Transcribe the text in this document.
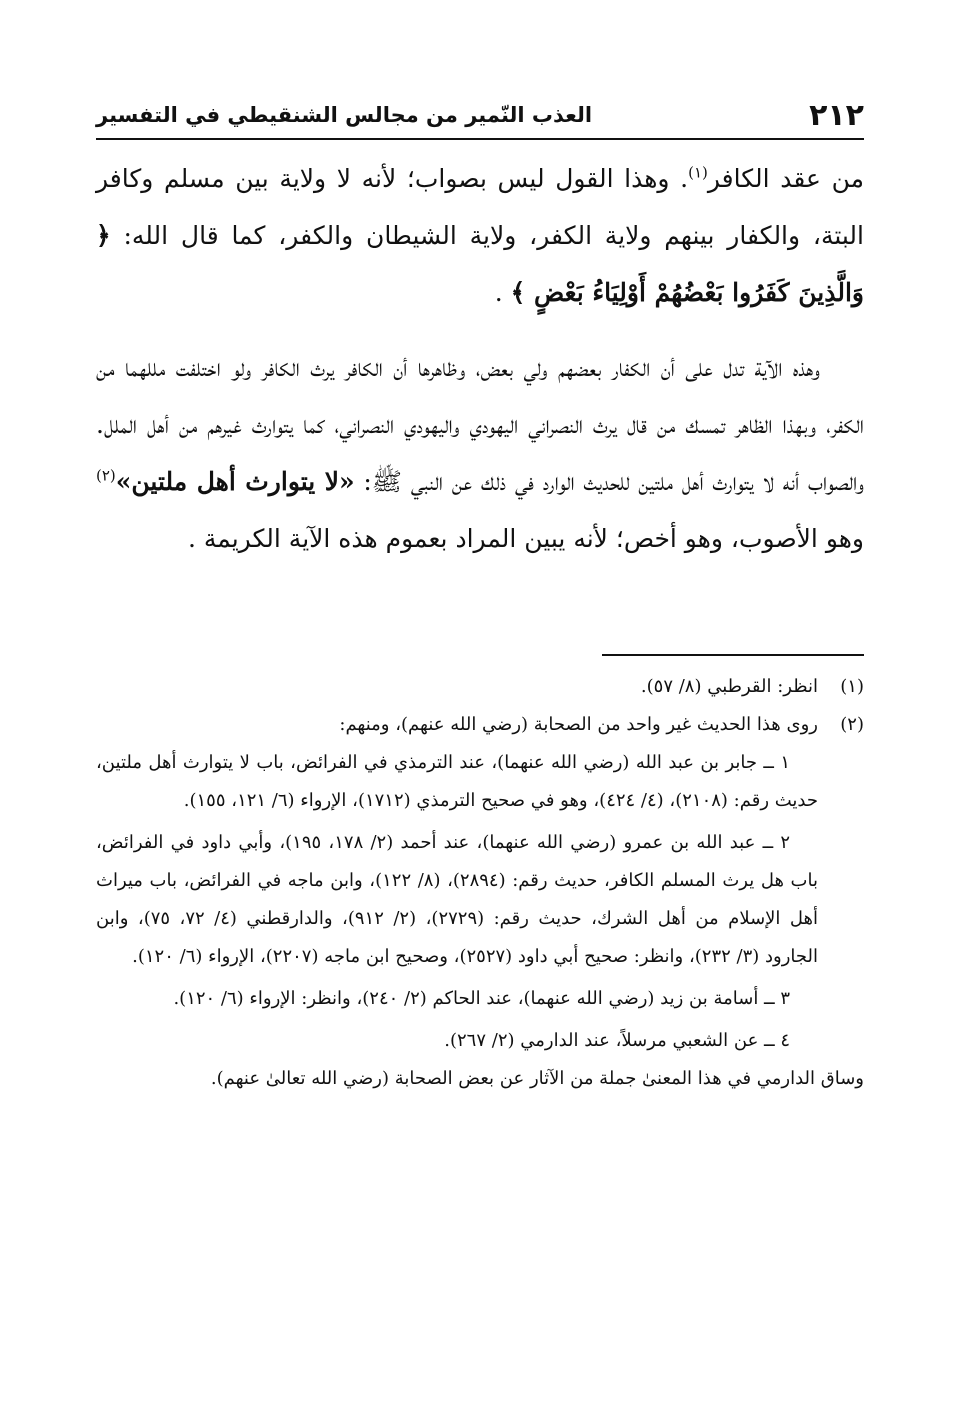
٢١٢
العذب النّمير من مجالس الشنقيطي في التفسير

من عقد الكافر$^{(١)}$. وهذا القول ليس بصواب؛ لأنه لا ولاية بين مسلم وكافر البتة، والكفار بينهم ولاية الكفر، ولاية الشيطان والكفر، كما قال الله: ﴿ وَالَّذِينَ كَفَرُوا بَعْضُهُمْ أَوْلِيَاءُ بَعْضٍ ﴾ .

وهذه الآية تدل على أن الكفار بعضهم ولي بعض، وظاهرها أن الكافر يرث الكافر ولو اختلفت مللهما من الكفر، وبهذا الظاهر تمسك من قال يرث النصراني اليهودي واليهودي النصراني، كما يتوارث غيرهم من أهل الملل. والصواب أنه لا يتوارث أهل ملتين للحديث الوارد في ذلك عن النبي ﷺ: «لا يتوارث أهل ملتين»$^{(٢)}$ وهو الأصوب، وهو أخص؛ لأنه يبين المراد بعموم هذه الآية الكريمة .

(١)
انظر: القرطبي (٨/ ٥٧).
(٢)

روى هذا الحديث غير واحد من الصحابة (رضي الله عنهم)، ومنهم:

١ ــ جابر بن عبد الله (رضي الله عنهما)، عند الترمذي في الفرائض، باب لا يتوارث أهل ملتين، حديث رقم: (٢١٠٨)، (٤/ ٤٢٤)، وهو في صحيح الترمذي (١٧١٢)، الإرواء (٦/ ١٢١، ١٥٥).

٢ ــ عبد الله بن عمرو (رضي الله عنهما)، عند أحمد (٢/ ١٧٨، ١٩٥)، وأبي داود في الفرائض، باب هل يرث المسلم الكافر، حديث رقم: (٢٨٩٤)، (٨/ ١٢٢)، وابن ماجه في الفرائض، باب ميراث أهل الإسلام من أهل الشرك، حديث رقم: (٢٧٢٩)، (٢/ ٩١٢)، والدارقطني (٤/ ٧٢، ٧٥)، وابن الجارود (٣/ ٢٣٢)، وانظر: صحيح أبي داود (٢٥٢٧)، وصحيح ابن ماجه (٢٢٠٧)، الإرواء (٦/ ١٢٠).

٣ ــ أسامة بن زيد (رضي الله عنهما)، عند الحاكم (٢/ ٢٤٠)، وانظر: الإرواء (٦/ ١٢٠).

٤ ــ عن الشعبي مرسلاً، عند الدارمي (٢/ ٢٦٧).

وساق الدارمي في هذا المعنىٰ جملة من الآثار عن بعض الصحابة (رضي الله تعالىٰ عنهم).
